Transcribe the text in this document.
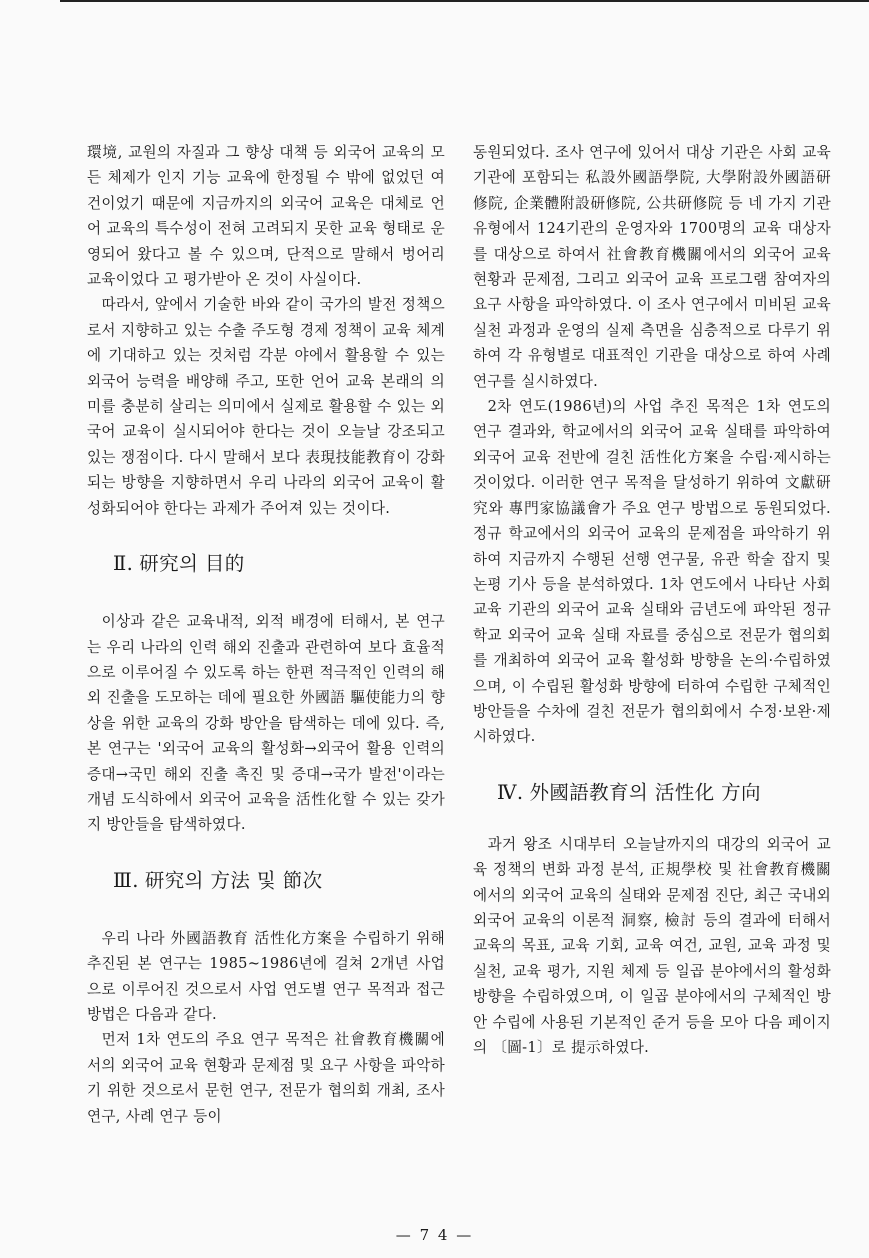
環境, 교원의 자질과 그 향상 대책 등 외국어 교육의 모든 체제가 인지 기능 교육에 한정될 수 밖에 없었던 여건이었기 때문에 지금까지의 외국어 교육은 대체로 언어 교육의 특수성이 전혀 고려되지 못한 교육 형태로 운영되어 왔다고 볼 수 있으며, 단적으로 말해서 벙어리 교육이었다 고 평가받아 온 것이 사실이다.

따라서, 앞에서 기술한 바와 같이 국가의 발전 정책으로서 지향하고 있는 수출 주도형 경제 정책이 교육 체계에 기대하고 있는 것처럼 각분 야에서 활용할 수 있는 외국어 능력을 배양해 주고, 또한 언어 교육 본래의 의미를 충분히 살리는 의미에서 실제로 활용할 수 있는 외국어 교육이 실시되어야 한다는 것이 오늘날 강조되고 있는 쟁점이다. 다시 말해서 보다 表現技能教育이 강화되는 방향을 지향하면서 우리 나라의 외국어 교육이 활성화되어야 한다는 과제가 주어져 있는 것이다.

Ⅱ. 研究의 目的

이상과 같은 교육내적, 외적 배경에 터해서, 본 연구는 우리 나라의 인력 해외 진출과 관련하여 보다 효율적으로 이루어질 수 있도록 하는 한편 적극적인 인력의 해외 진출을 도모하는 데에 필요한 外國語 驅使能力의 향상을 위한 교육의 강화 방안을 탐색하는 데에 있다. 즉, 본 연구는 '외국어 교육의 활성화→외국어 활용 인력의 증대→국민 해외 진출 촉진 및 증대→국가 발전'이라는 개념 도식하에서 외국어 교육을 活性化할 수 있는 갖가지 방안들을 탐색하였다.

Ⅲ. 研究의 方法 및 節次

우리 나라 外國語教育 活性化方案을 수립하기 위해 추진된 본 연구는 1985~1986년에 걸쳐 2개년 사업으로 이루어진 것으로서 사업 연도별 연구 목적과 접근 방법은 다음과 같다.

먼저 1차 연도의 주요 연구 목적은 社會教育機關에서의 외국어 교육 현황과 문제점 및 요구 사항을 파악하기 위한 것으로서 문헌 연구, 전문가 협의회 개최, 조사 연구, 사례 연구 등이

동원되었다. 조사 연구에 있어서 대상 기관은 사회 교육 기관에 포함되는 私設外國語學院, 大學附設外國語研修院, 企業體附設研修院, 公共研修院 등 네 가지 기관 유형에서 124기관의 운영자와 1700명의 교육 대상자를 대상으로 하여서 社會教育機關에서의 외국어 교육 현황과 문제점, 그리고 외국어 교육 프로그램 참여자의 요구 사항을 파악하였다. 이 조사 연구에서 미비된 교육 실천 과정과 운영의 실제 측면을 심층적으로 다루기 위하여 각 유형별로 대표적인 기관을 대상으로 하여 사례 연구를 실시하였다.

2차 연도(1986년)의 사업 추진 목적은 1차 연도의 연구 결과와, 학교에서의 외국어 교육 실태를 파악하여 외국어 교육 전반에 걸친 活性化方案을 수립·제시하는 것이었다. 이러한 연구 목적을 달성하기 위하여 文獻研究와 專門家協議會가 주요 연구 방법으로 동원되었다. 정규 학교에서의 외국어 교육의 문제점을 파악하기 위하여 지금까지 수행된 선행 연구물, 유관 학술 잡지 및 논평 기사 등을 분석하였다. 1차 연도에서 나타난 사회 교육 기관의 외국어 교육 실태와 금년도에 파악된 정규 학교 외국어 교육 실태 자료를 중심으로 전문가 협의회를 개최하여 외국어 교육 활성화 방향을 논의·수립하였으며, 이 수립된 활성화 방향에 터하여 수립한 구체적인 방안들을 수차에 걸친 전문가 협의회에서 수정·보완·제시하였다.

Ⅳ. 外國語教育의 活性化 方向

과거 왕조 시대부터 오늘날까지의 대강의 외국어 교육 정책의 변화 과정 분석, 正規學校 및 社會教育機關에서의 외국어 교육의 실태와 문제점 진단, 최근 국내외 외국어 교육의 이론적 洞察, 檢討 등의 결과에 터해서 교육의 목표, 교육 기회, 교육 여건, 교원, 교육 과정 및 실천, 교육 평가, 지원 체제 등 일곱 분야에서의 활성화 방향을 수립하였으며, 이 일곱 분야에서의 구체적인 방안 수립에 사용된 기본적인 준거 등을 모아 다음 페이지의 〔圖-1〕로 提示하였다.

— 7 4 —
